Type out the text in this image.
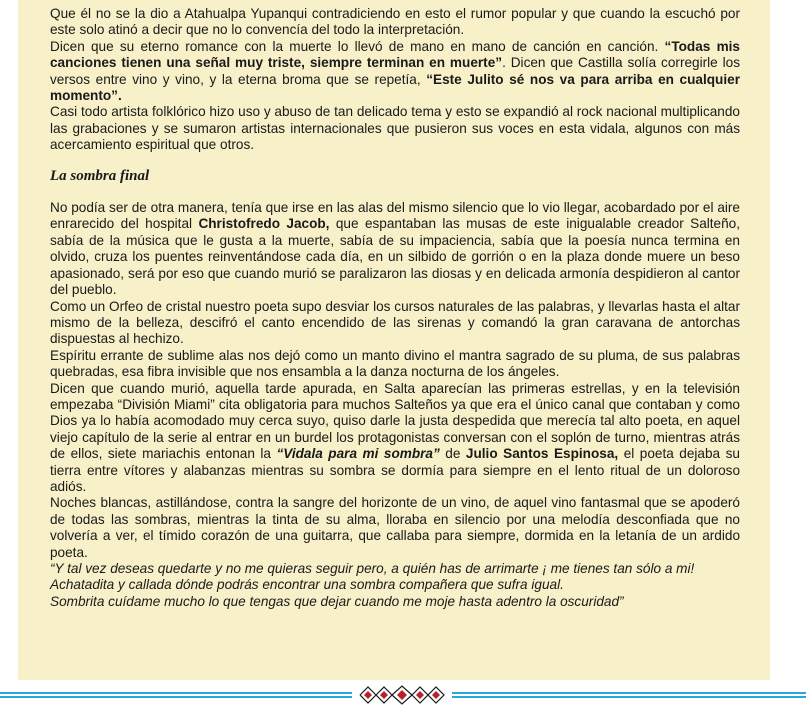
Que él no se la dio a Atahualpa Yupanqui contradiciendo en esto el rumor popular y que cuando la escuchó por este solo atinó a decir que no lo convencía del todo la interpretación.

Dicen que su eterno romance con la muerte lo llevó de mano en mano de canción en canción. “Todas mis canciones tienen una señal muy triste, siempre terminan en muerte”. Dicen que Castilla solía corregirle los versos entre vino y vino, y la eterna broma que se repetía, “Este Julito sé nos va para arriba en cualquier momento”.

Casi todo artista folklórico hizo uso y abuso de tan delicado tema y esto se expandió al rock nacional multiplicando las grabaciones y se sumaron artistas internacionales que pusieron sus voces en esta vidala, algunos con más acercamiento espiritual que otros.

La sombra final

No podía ser de otra manera, tenía que irse en las alas del mismo silencio que lo vio llegar, acobardado por el aire enrarecido del hospital Christofredo Jacob, que espantaban las musas de este inigualable creador Salteño, sabía de la música que le gusta a la muerte, sabía de su impaciencia, sabía que la poesía nunca termina en olvido, cruza los puentes reinventándose cada día, en un silbido de gorrión o en la plaza donde muere un beso apasionado, será por eso que cuando murió se paralizaron las diosas y en delicada armonía despidieron al cantor del pueblo.

Como un Orfeo de cristal nuestro poeta supo desviar los cursos naturales de las palabras, y llevarlas hasta el altar mismo de la belleza, descifró el canto encendido de las sirenas y comandó la gran caravana de antorchas dispuestas al hechizo.

Espíritu errante de sublime alas nos dejó como un manto divino el mantra sagrado de su pluma, de sus palabras quebradas, esa fibra invisible que nos ensambla a la danza nocturna de los ángeles.

Dicen que cuando murió, aquella tarde apurada, en Salta aparecían las primeras estrellas, y en la televisión empezaba “División Miami” cita obligatoria para muchos Salteños ya que era el único canal que contaban y como Dios ya lo había acomodado muy cerca suyo, quiso darle la justa despedida que merecía tal alto poeta, en aquel viejo capítulo de la serie al entrar en un burdel los protagonistas conversan con el soplón de turno, mientras atrás de ellos, siete mariachis entonan la “Vidala para mi sombra” de Julio Santos Espinosa, el poeta dejaba su tierra entre vítores y alabanzas mientras su sombra se dormía para siempre en el lento ritual de un doloroso adiós.

Noches blancas, astillándose, contra la sangre del horizonte de un vino, de aquel vino fantasmal que se apoderó de todas las sombras, mientras la tinta de su alma, lloraba en silencio por una melodía desconfiada que no volvería a ver, el tímido corazón de una guitarra, que callaba para siempre, dormida en la letanía de un ardido poeta.

“Y tal vez deseas quedarte y no me quieras seguir pero, a quién has de arrimarte ¡ me tienes tan sólo a mi!

Achatadita y callada dónde podrás encontrar una sombra compañera que sufra igual.

Sombrita cuídame mucho lo que tengas que dejar cuando me moje hasta adentro la oscuridad”
